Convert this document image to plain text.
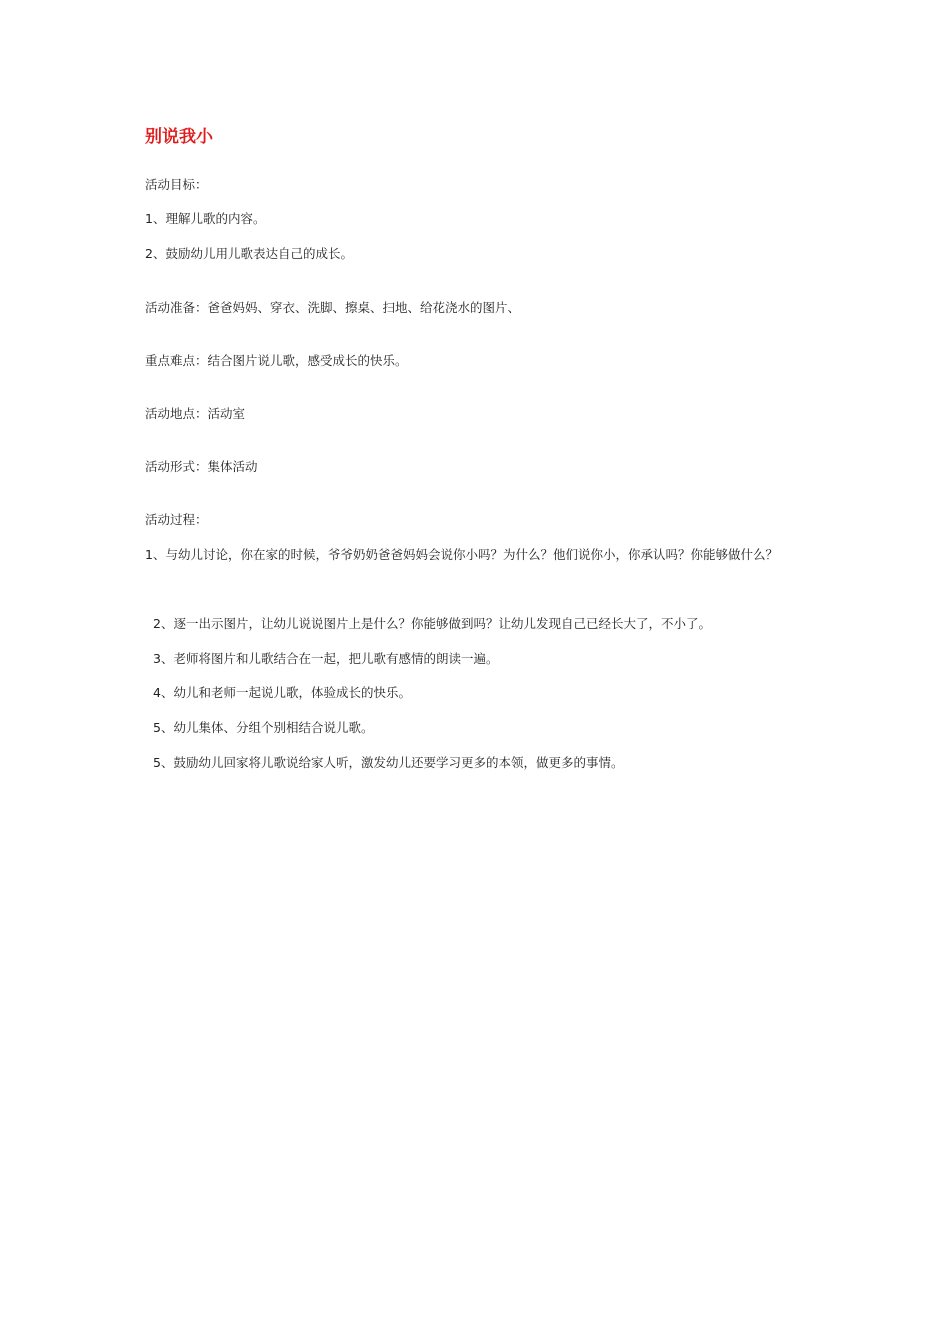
别说我小

活动目标：

1、理解儿歌的内容。

2、鼓励幼儿用儿歌表达自己的成长。

活动准备：爸爸妈妈、穿衣、洗脚、擦桌、扫地、给花浇水的图片、

重点难点：结合图片说儿歌，感受成长的快乐。

活动地点：活动室

活动形式：集体活动

活动过程：

1、与幼儿讨论，你在家的时候，爷爷奶奶爸爸妈妈会说你小吗？为什么？他们说你小，你承认吗？你能够做什么？

2、逐一出示图片，让幼儿说说图片上是什么？你能够做到吗？让幼儿发现自己已经长大了，不小了。

3、老师将图片和儿歌结合在一起，把儿歌有感情的朗读一遍。

4、幼儿和老师一起说儿歌，体验成长的快乐。

5、幼儿集体、分组个别相结合说儿歌。

5、鼓励幼儿回家将儿歌说给家人听，激发幼儿还要学习更多的本领，做更多的事情。
